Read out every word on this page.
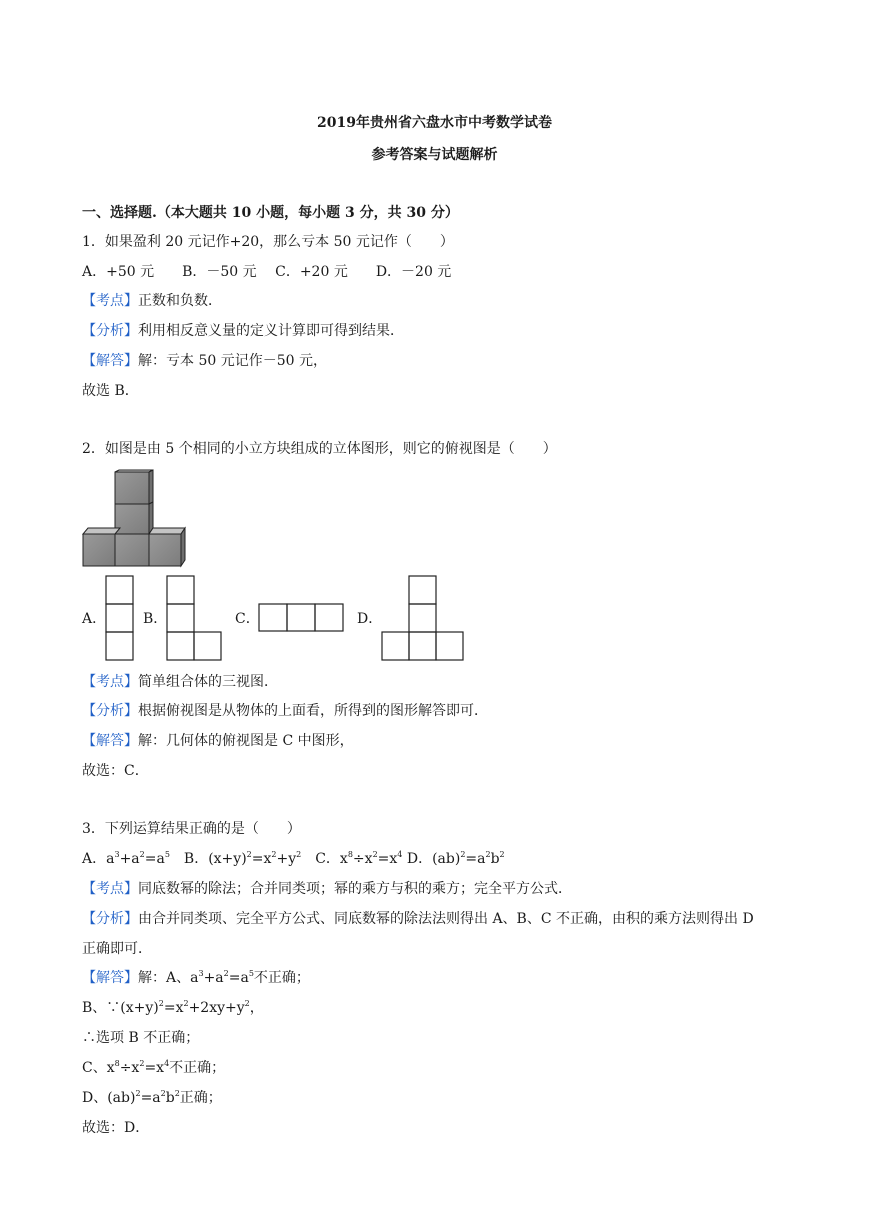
2019年贵州省六盘水市中考数学试卷
参考答案与试题解析
一、选择题.（本大题共 10 小题，每小题 3 分，共 30 分）
1．如果盈利 20 元记作+20，那么亏本 50 元记作（　　）
A．+50 元　　B．－50 元　 C．+20 元　　D．－20 元
【考点】正数和负数．
【分析】利用相反意义量的定义计算即可得到结果．
【解答】解：亏本 50 元记作－50 元，
故选 B．
2．如图是由 5 个相同的小立方块组成的立体图形，则它的俯视图是（　　）
A．	B．	C．	D．
【考点】简单组合体的三视图．
【分析】根据俯视图是从物体的上面看，所得到的图形解答即可．
【解答】解：几何体的俯视图是 C 中图形，
故选：C．
3．下列运算结果正确的是（　　）
A．$a^3+a^2=a^5$　B．$(x+y)^2=x^2+y^2$　C．$x^8\div x^2=x^4$ D．$(ab)^2=a^2b^2$
【考点】同底数幂的除法；合并同类项；幂的乘方与积的乘方；完全平方公式．
【分析】由合并同类项、完全平方公式、同底数幂的除法法则得出 A、B、C 不正确，由积的乘方法则得出 D
正确即可．
【解答】解：A、$a^3+a^2=a^5$不正确；
B、$\because(x+y)^2=x^2+2xy+y^2$，
∴选项 B 不正确；
C、$x^8\div x^2=x^4$不正确；
D、$(ab)^2=a^2b^2$正确；
故选：D．
